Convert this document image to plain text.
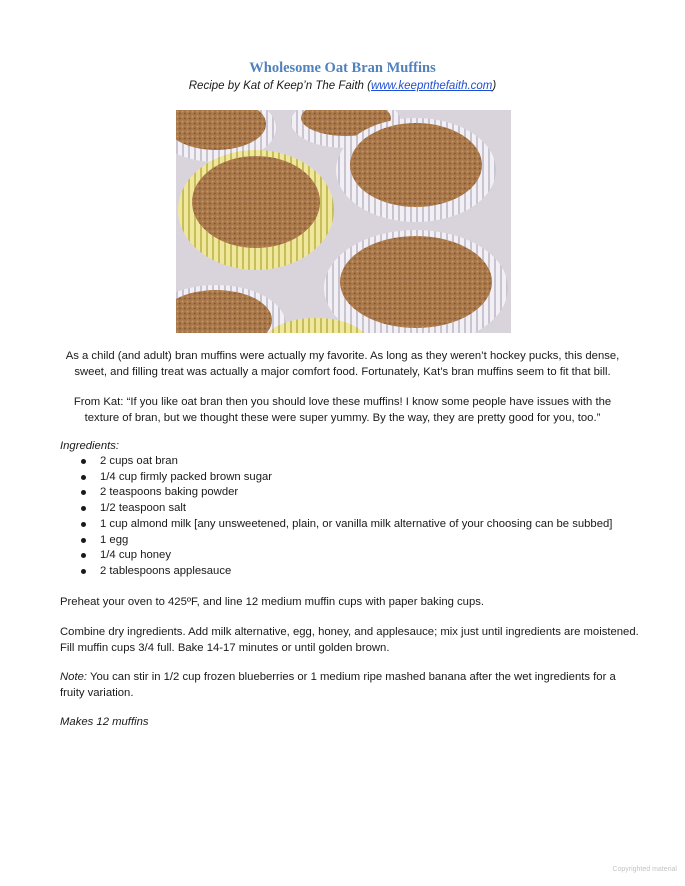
Wholesome Oat Bran Muffins
Recipe by Kat of Keep’n The Faith (www.keepnthefaith.com)
As a child (and adult) bran muffins were actually my favorite. As long as they weren’t hockey pucks, this dense, sweet, and filling treat was actually a major comfort food. Fortunately, Kat’s bran muffins seem to fit that bill.
From Kat: “If you like oat bran then you should love these muffins! I know some people have issues with the texture of bran, but we thought these were super yummy. By the way, they are pretty good for you, too.”
Ingredients:
2 cups oat bran
1/4 cup firmly packed brown sugar
2 teaspoons baking powder
1/2 teaspoon salt
1 cup almond milk [any unsweetened, plain, or vanilla milk alternative of your choosing can be subbed]
1 egg
1/4 cup honey
2 tablespoons applesauce
Preheat your oven to 425ºF, and line 12 medium muffin cups with paper baking cups.
Combine dry ingredients. Add milk alternative, egg, honey, and applesauce; mix just until ingredients are moistened. Fill muffin cups 3/4 full. Bake 14-17 minutes or until golden brown.
Note: You can stir in 1/2 cup frozen blueberries or 1 medium ripe mashed banana after the wet ingredients for a fruity variation.
Makes 12 muffins
Copyrighted material
